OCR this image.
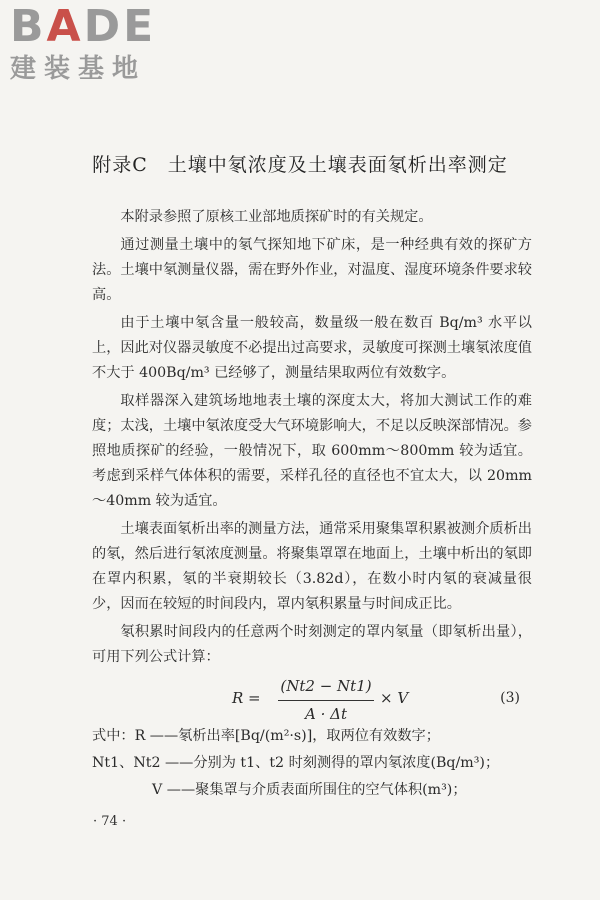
BADE
建装基地
附录C　土壤中氡浓度及土壤表面氡析出率测定

本附录参照了原核工业部地质探矿时的有关规定。

通过测量土壤中的氡气探知地下矿床，是一种经典有效的探矿方法。土壤中氡测量仪器，需在野外作业，对温度、湿度环境条件要求较高。

由于土壤中氡含量一般较高，数量级一般在数百 Bq/m³ 水平以上，因此对仪器灵敏度不必提出过高要求，灵敏度可探测土壤氡浓度值不大于 400Bq/m³ 已经够了，测量结果取两位有效数字。

取样器深入建筑场地地表土壤的深度太大，将加大测试工作的难度；太浅，土壤中氡浓度受大气环境影响大，不足以反映深部情况。参照地质探矿的经验，一般情况下，取 600mm～800mm 较为适宜。考虑到采样气体体积的需要，采样孔径的直径也不宜太大，以 20mm～40mm 较为适宜。

土壤表面氡析出率的测量方法，通常采用聚集罩积累被测介质析出的氡，然后进行氡浓度测量。将聚集罩罩在地面上，土壤中析出的氡即在罩内积累，氡的半衰期较长（3.82d），在数小时内氡的衰减量很少，因而在较短的时间段内，罩内氡积累量与时间成正比。

氡积累时间段内的任意两个时刻测定的罩内氡量（即氡析出量），可用下列公式计算：

$R = \frac{(Nt2 - Nt1)}{A \cdot \Delta t} \times V$	(3)

式中：R ——氡析出率[Bq/(m²·s)]，取两位有效数字；

Nt1、Nt2 ——分别为 t1、t2 时刻测得的罩内氡浓度(Bq/m³)；

V ——聚集罩与介质表面所围住的空气体积(m³)；

· 74 ·
